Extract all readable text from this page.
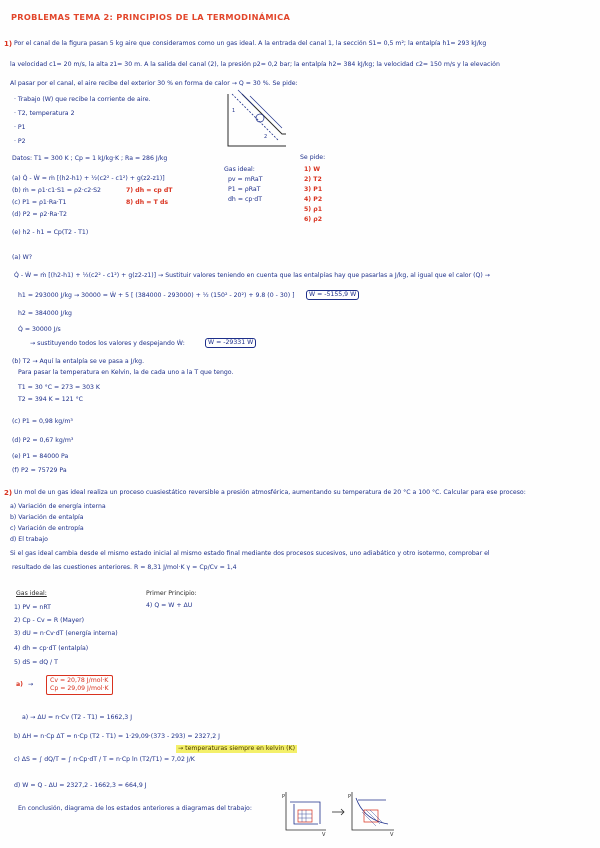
PROBLEMAS TEMA 2: PRINCIPIOS DE LA TERMODINÁMICA
1) Por el canal de la figura pasan 5 kg aire que consideramos como un gas ideal. A la entrada del canal 1, la sección S1= 0,5 m²; la entalpía h1= 293 kJ/kg
la velocidad c1= 20 m/s, la alta z1= 30 m. A la salida del canal (2), la presión p2= 0,2 bar; la entalpía h2= 384 kJ/kg; la velocidad c2= 150 m/s y la elevación
Al pasar por el canal, el aire recibe del exterior 30 % en forma de calor → Q = 30 %. Se pide:
· Trabajo (W) que recibe la corriente de aire.
· T2, temperatura 2
· P1
· P2
Datos: T1 = 300 K ; Cp = 1 kJ/kg·K ; Ra = 286 J/kg
1
2
Gas ideal:
pv = mRaT
P1 = ρRaT
dh = cp·dT
Se pide:
1) W
2) T2
3) P1
4) P2
5) ρ1
6) ρ2
(a) Q̇ - Ẇ = ṁ [(h2-h1) + ½(c2² - c1²) + g(z2-z1)]
(b) ṁ = ρ1·c1·S1 = ρ2·c2·S2
(c) P1 = ρ1·Ra·T1
(d) P2 = ρ2·Ra·T2
(e) h2 - h1 = Cp(T2 - T1)
7) dh = cp dT
8) dh = T ds
(a) W?
Q̇ - Ẇ = ṁ [(h2-h1) + ½(c2² - c1²) + g(z2-z1)] → Sustituir valores teniendo en cuenta que las entalpías hay que pasarlas a J/kg, al igual que el calor (Q) →
h1 = 293000 J/kg → 30000 = Ẇ + 5 [ (384000 - 293000) + ½ (150² - 20²) + 9.8 (0 - 30) ]	Ẇ = -5155,9 W
h2 = 384000 J/kg
Q̇ = 30000 J/s
→ sustituyendo todos los valores y despejando Ẇ:	Ẇ = -29331 W
(b) T2 → Aquí la entalpía se ve pasa a J/kg.
Para pasar la temperatura en Kelvin, la de cada uno a la T que tengo.
T1 = 30 °C = 273 = 303 K
T2 = 394 K = 121 °C
(c) P1 = 0,98 kg/m³
(d) P2 = 0,67 kg/m³
(e) P1 = 84000 Pa
(f) P2 = 75729 Pa
2) Un mol de un gas ideal realiza un proceso cuasiestático reversible a presión atmosférica, aumentando su temperatura de 20 °C a 100 °C. Calcular para ese proceso:
a) Variación de energía interna
b) Variación de entalpía
c) Variación de entropía
d) El trabajo
Si el gas ideal cambia desde el mismo estado inicial al mismo estado final mediante dos procesos sucesivos, uno adiabático y otro isotermo, comprobar el
resultado de las cuestiones anteriores. R = 8,31 J/mol·K γ = Cp/Cv = 1,4
Gas ideal:	Primer Principio:
4) Q = W + ΔU
1) PV = nRT
2) Cp - Cv = R (Mayer)
3) dU = n·Cv·dT (energía interna)
4) dh = cp·dT (entalpía)
5) dS = dQ / T
a) →
Cv = 20,78 J/mol·K
Cp = 29,09 J/mol·K
a) → ΔU = n·Cv (T2 - T1) = 1662,3 J
b) ΔH = n·Cp ΔT = n·Cp (T2 - T1) = 1·29,09·(373 - 293) = 2327,2 J
→ temperaturas siempre en kelvin (K)
c) ΔS = ∫ dQ/T = ∫ n·Cp·dT / T = n·Cp ln (T2/T1) = 7,02 J/K
d) W = Q - ΔU = 2327,2 - 1662,3 = 664,9 J
En conclusión, diagrama de los estados anteriores a diagramas del trabajo:
P	P
V	V
